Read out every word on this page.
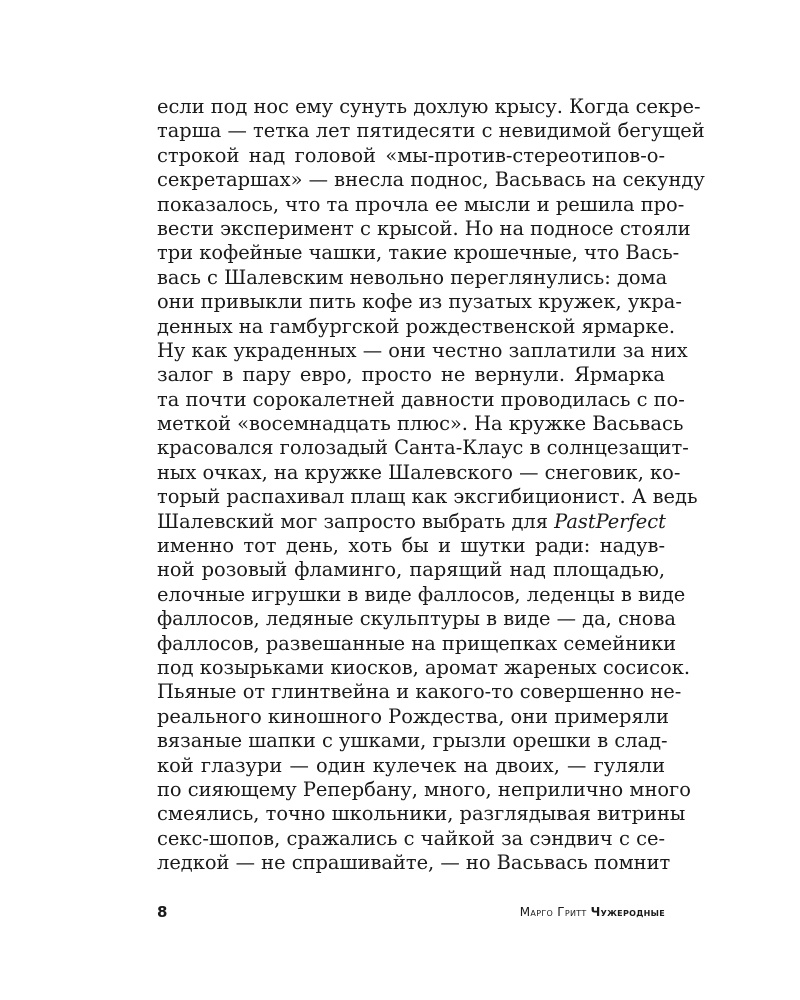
если под нос ему сунуть дохлую крысу. Когда секре-
тарша — тетка лет пятидесяти с невидимой бегущей
строкой над головой «мы-против-стереотипов-о-
секретаршах» — внесла поднос, Васьвась на секунду
показалось, что та прочла ее мысли и решила про-
вести эксперимент с крысой. Но на подносе стояли
три кофейные чашки, такие крошечные, что Вась-
вась с Шалевским невольно переглянулись: дома
они привыкли пить кофе из пузатых кружек, укра-
денных на гамбургской рождественской ярмарке.
Ну как украденных — они честно заплатили за них
залог в пару евро, просто не вернули. Ярмарка
та почти сорокалетней давности проводилась с по-
меткой «восемнадцать плюс». На кружке Васьвась
красовался голозадый Санта-Клаус в солнцезащит-
ных очках, на кружке Шалевского — снеговик, ко-
торый распахивал плащ как эксгибиционист. А ведь
Шалевский мог запросто выбрать для PastPerfect
именно тот день, хоть бы и шутки ради: надув-
ной розовый фламинго, парящий над площадью,
елочные игрушки в виде фаллосов, леденцы в виде
фаллосов, ледяные скульптуры в виде — да, снова
фаллосов, развешанные на прищепках семейники
под козырьками киосков, аромат жареных сосисок.
Пьяные от глинтвейна и какого-то совершенно не-
реального киношного Рождества, они примеряли
вязаные шапки с ушками, грызли орешки в слад-
кой глазури — один кулечек на двоих, — гуляли
по сияющему Репербану, много, неприлично много
смеялись, точно школьники, разглядывая витрины
секс-шопов, сражались с чайкой за сэндвич с се-
ледкой — не спрашивайте, — но Васьвась помнит
8	Марго Гритт Чужеродные
